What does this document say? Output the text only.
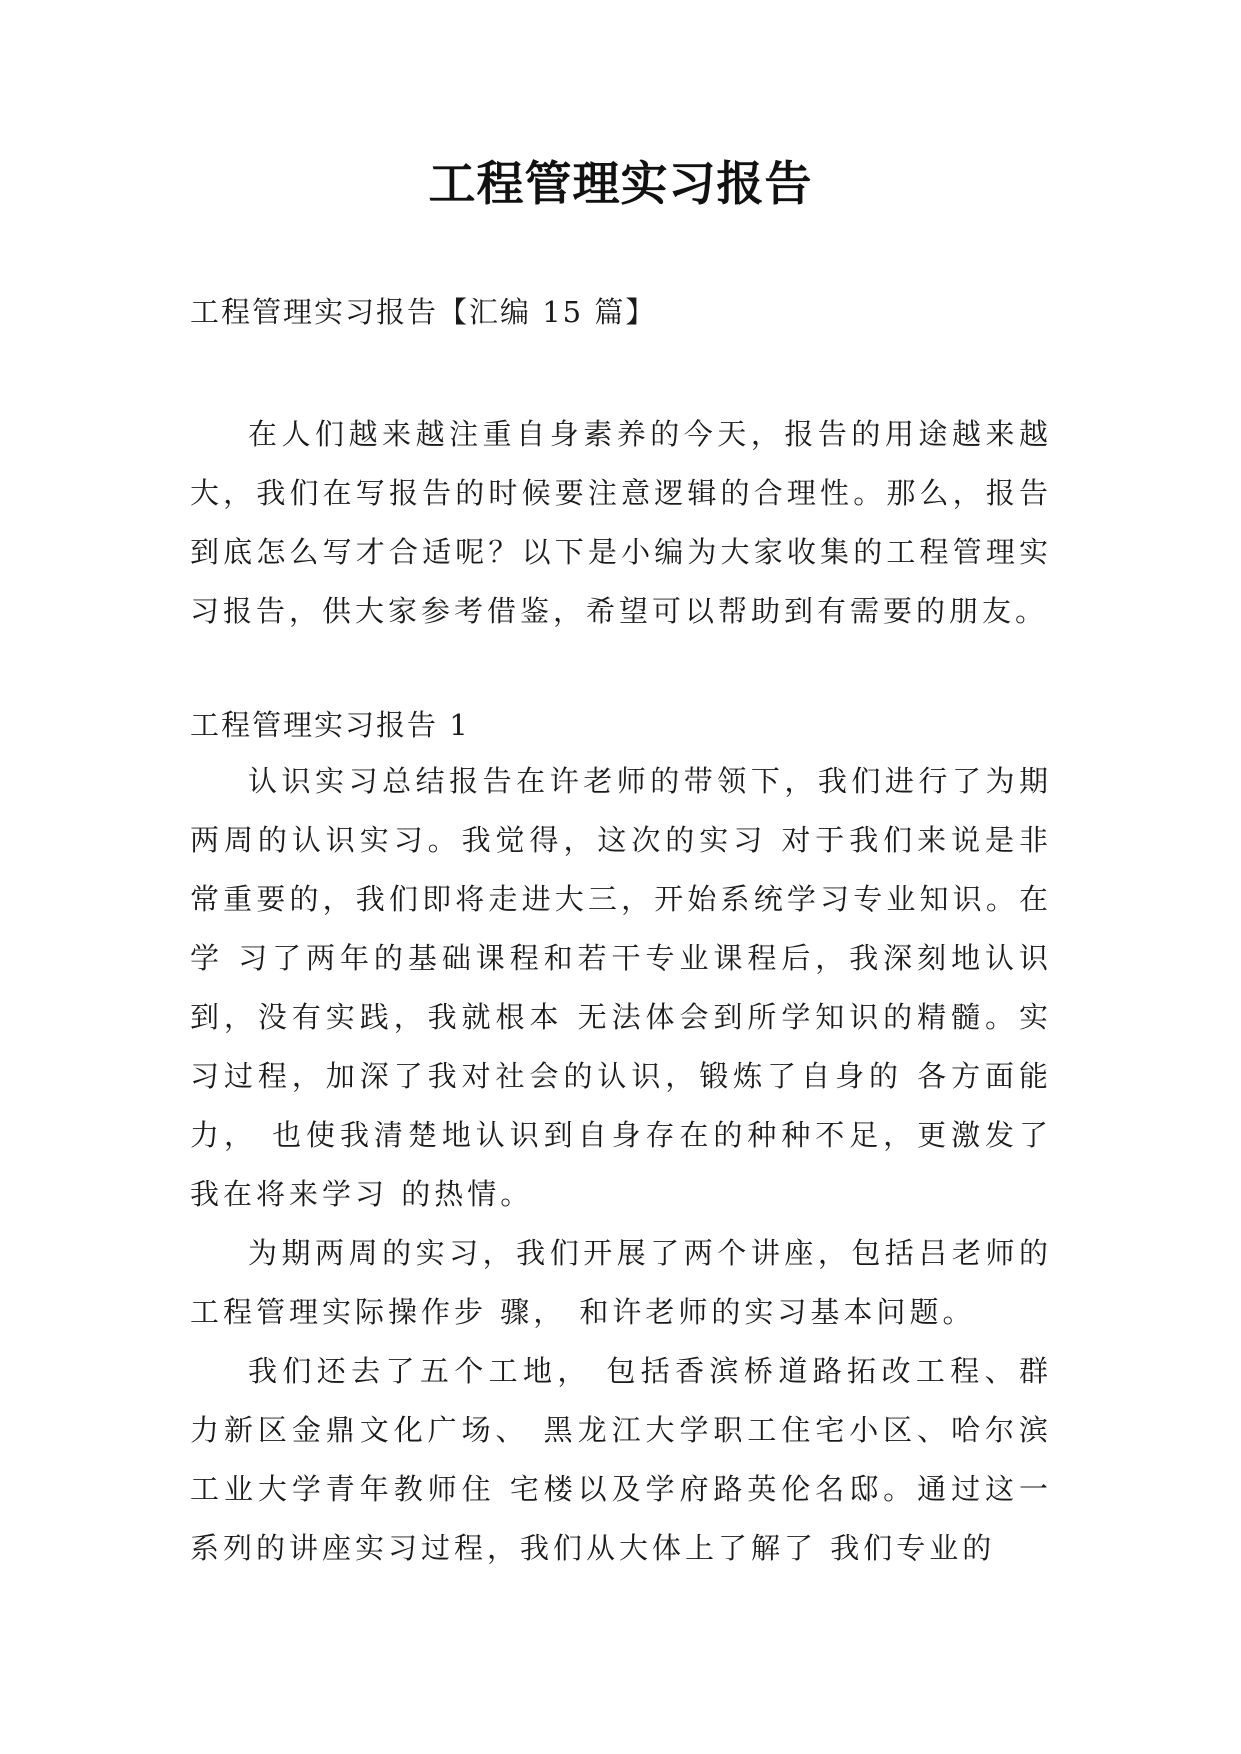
工程管理实习报告
工程管理实习报告【汇编 15 篇】

在人们越来越注重自身素养的今天，报告的用途越来越大，我们在写报告的时候要注意逻辑的合理性。那么，报告到底怎么写才合适呢？以下是小编为大家收集的工程管理实习报告，供大家参考借鉴，希望可以帮助到有需要的朋友。

工程管理实习报告 1

认识实习总结报告在许老师的带领下，我们进行了为期两周的认识实习。我觉得，这次的实习 对于我们来说是非常重要的，我们即将走进大三，开始系统学习专业知识。在学 习了两年的基础课程和若干专业课程后，我深刻地认识到，没有实践，我就根本 无法体会到所学知识的精髓。实习过程，加深了我对社会的认识，锻炼了自身的 各方面能力， 也使我清楚地认识到自身存在的种种不足，更激发了我在将来学习 的热情。

为期两周的实习，我们开展了两个讲座，包括吕老师的工程管理实际操作步 骤， 和许老师的实习基本问题。

我们还去了五个工地， 包括香滨桥道路拓改工程、群力新区金鼎文化广场、 黑龙江大学职工住宅小区、哈尔滨工业大学青年教师住 宅楼以及学府路英伦名邸。通过这一系列的讲座实习过程，我们从大体上了解了 我们专业的
